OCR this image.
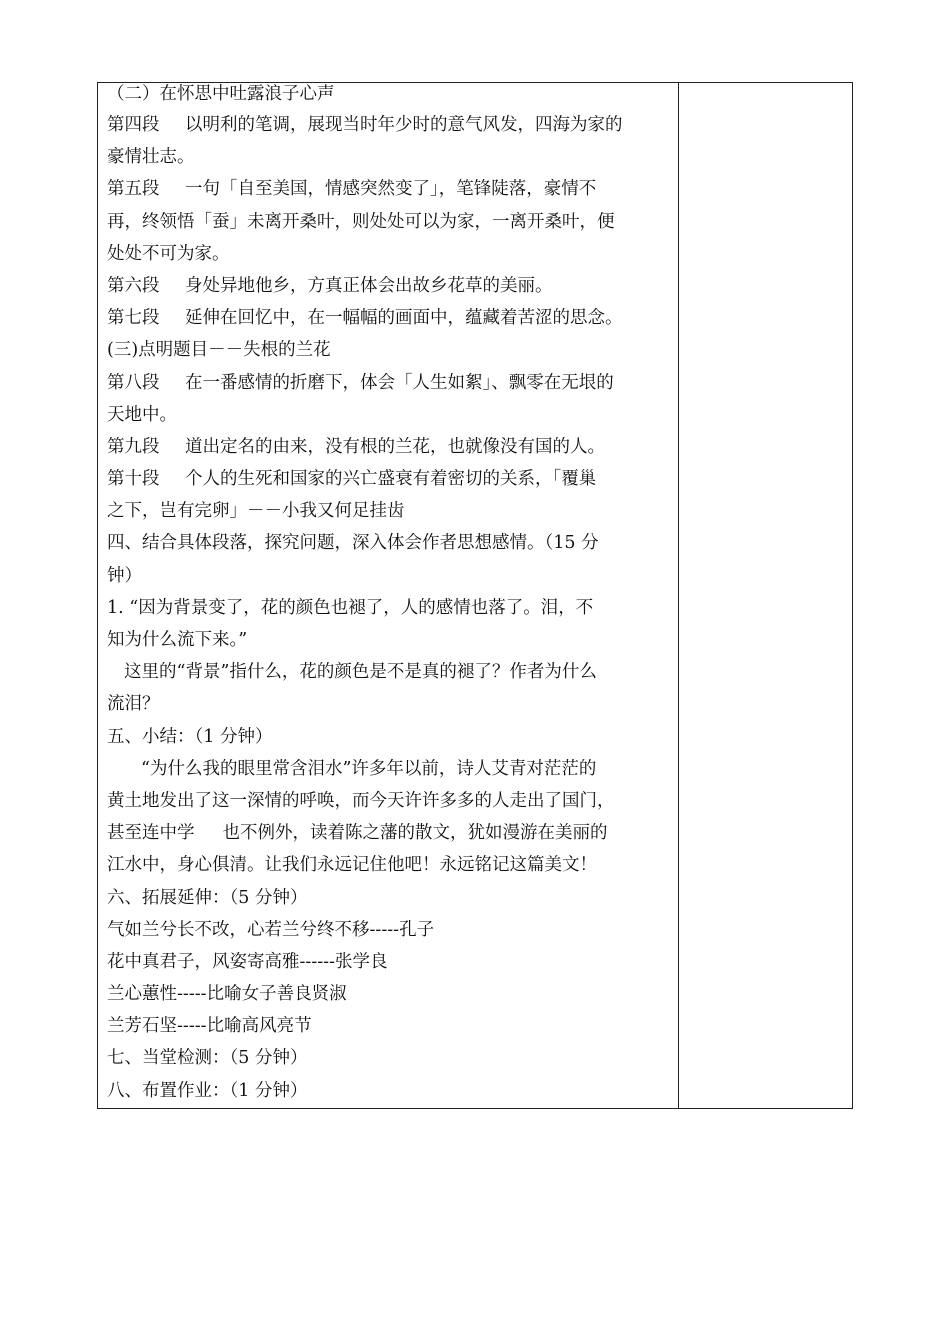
（二）在怀思中吐露浪子心声
第四段 以明利的笔调，展现当时年少时的意气风发，四海为家的
豪情壮志。
第五段 一句「自至美国，情感突然变了」，笔锋陡落，豪情不
再，终领悟「蚕」未离开桑叶，则处处可以为家，一离开桑叶，便
处处不可为家。
第六段 身处异地他乡，方真正体会出故乡花草的美丽。
第七段 延伸在回忆中，在一幅幅的画面中，蕴藏着苦涩的思念。
(三)点明题目－－失根的兰花
第八段 在一番感情的折磨下，体会「人生如絮」、飘零在无垠的
天地中。
第九段 道出定名的由来，没有根的兰花，也就像没有国的人。
第十段 个人的生死和国家的兴亡盛衰有着密切的关系，「覆巢
之下，岂有完卵」－－小我又何足挂齿
四、结合具体段落，探究问题，深入体会作者思想感情。（15 分
钟）
1. “因为背景变了，花的颜色也褪了，人的感情也落了。泪，不
知为什么流下来。”
这里的“背景”指什么，花的颜色是不是真的褪了？作者为什么
流泪？
五、小结：（1 分钟）
“为什么我的眼里常含泪水”许多年以前，诗人艾青对茫茫的
黄土地发出了这一深情的呼唤，而今天许许多多的人走出了国门，
甚至连中学 也不例外，读着陈之藩的散文，犹如漫游在美丽的
江水中，身心俱清。让我们永远记住他吧！永远铭记这篇美文！
六、拓展延伸：（5 分钟）
气如兰兮长不改，心若兰兮终不移-----孔子
花中真君子，风姿寄高雅------张学良
兰心蕙性-----比喻女子善良贤淑
兰芳石坚-----比喻高风亮节
七、当堂检测：（5 分钟）
八、布置作业：（1 分钟）
